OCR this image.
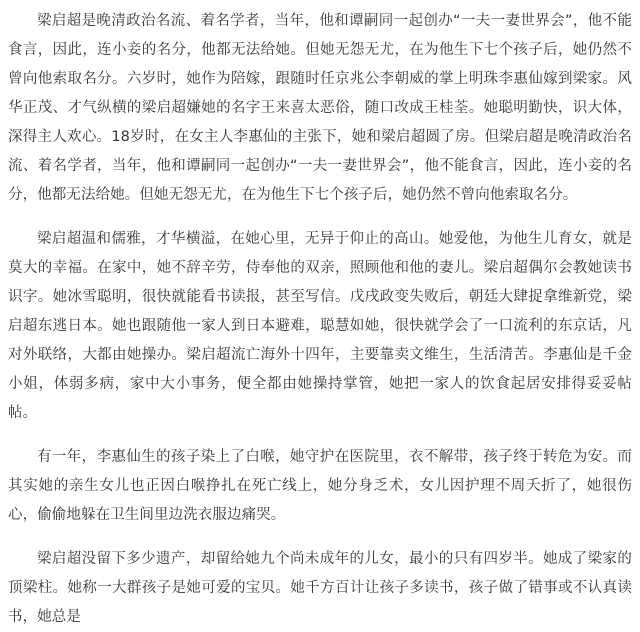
梁启超是晚清政治名流、着名学者，当年，他和谭嗣同一起创办“一夫一妻世界会”，他不能食言，因此，连小妾的名分，他都无法给她。但她无怨无尤，在为他生下七个孩子后，她仍然不曾向他索取名分。六岁时，她作为陪嫁，跟随时任京兆公李朝威的掌上明珠李惠仙嫁到梁家。风华正茂、才气纵横的梁启超嫌她的名字王来喜太恶俗，随口改成王桂荃。她聪明勤快，识大体，深得主人欢心。18岁时，在女主人李惠仙的主张下，她和梁启超圆了房。但梁启超是晚清政治名流、着名学者，当年，他和谭嗣同一起创办“一夫一妻世界会”，他不能食言，因此，连小妾的名分，他都无法给她。但她无怨无尤，在为他生下七个孩子后，她仍然不曾向他索取名分。

梁启超温和儒雅，才华横溢，在她心里，无异于仰止的高山。她爱他，为他生儿育女，就是莫大的幸福。在家中，她不辞辛劳，侍奉他的双亲，照顾他和他的妻儿。梁启超偶尔会教她读书识字。她冰雪聪明，很快就能看书读报，甚至写信。戊戌政变失败后，朝廷大肆捉拿维新党，梁启超东逃日本。她也跟随他一家人到日本避难，聪慧如她，很快就学会了一口流利的东京话，凡对外联络，大都由她操办。梁启超流亡海外十四年，主要靠卖文维生，生活清苦。李惠仙是千金小姐，体弱多病，家中大小事务，便全都由她操持掌管，她把一家人的饮食起居安排得妥妥帖帖。

有一年，李惠仙生的孩子染上了白喉，她守护在医院里，衣不解带，孩子终于转危为安。而其实她的亲生女儿也正因白喉挣扎在死亡线上，她分身乏术，女儿因护理不周夭折了，她很伤心，偷偷地躲在卫生间里边洗衣服边痛哭。

梁启超没留下多少遗产，却留给她九个尚未成年的儿女，最小的只有四岁半。她成了梁家的顶梁柱。她称一大群孩子是她可爱的宝贝。她千方百计让孩子多读书，孩子做了错事或不认真读书，她总是
